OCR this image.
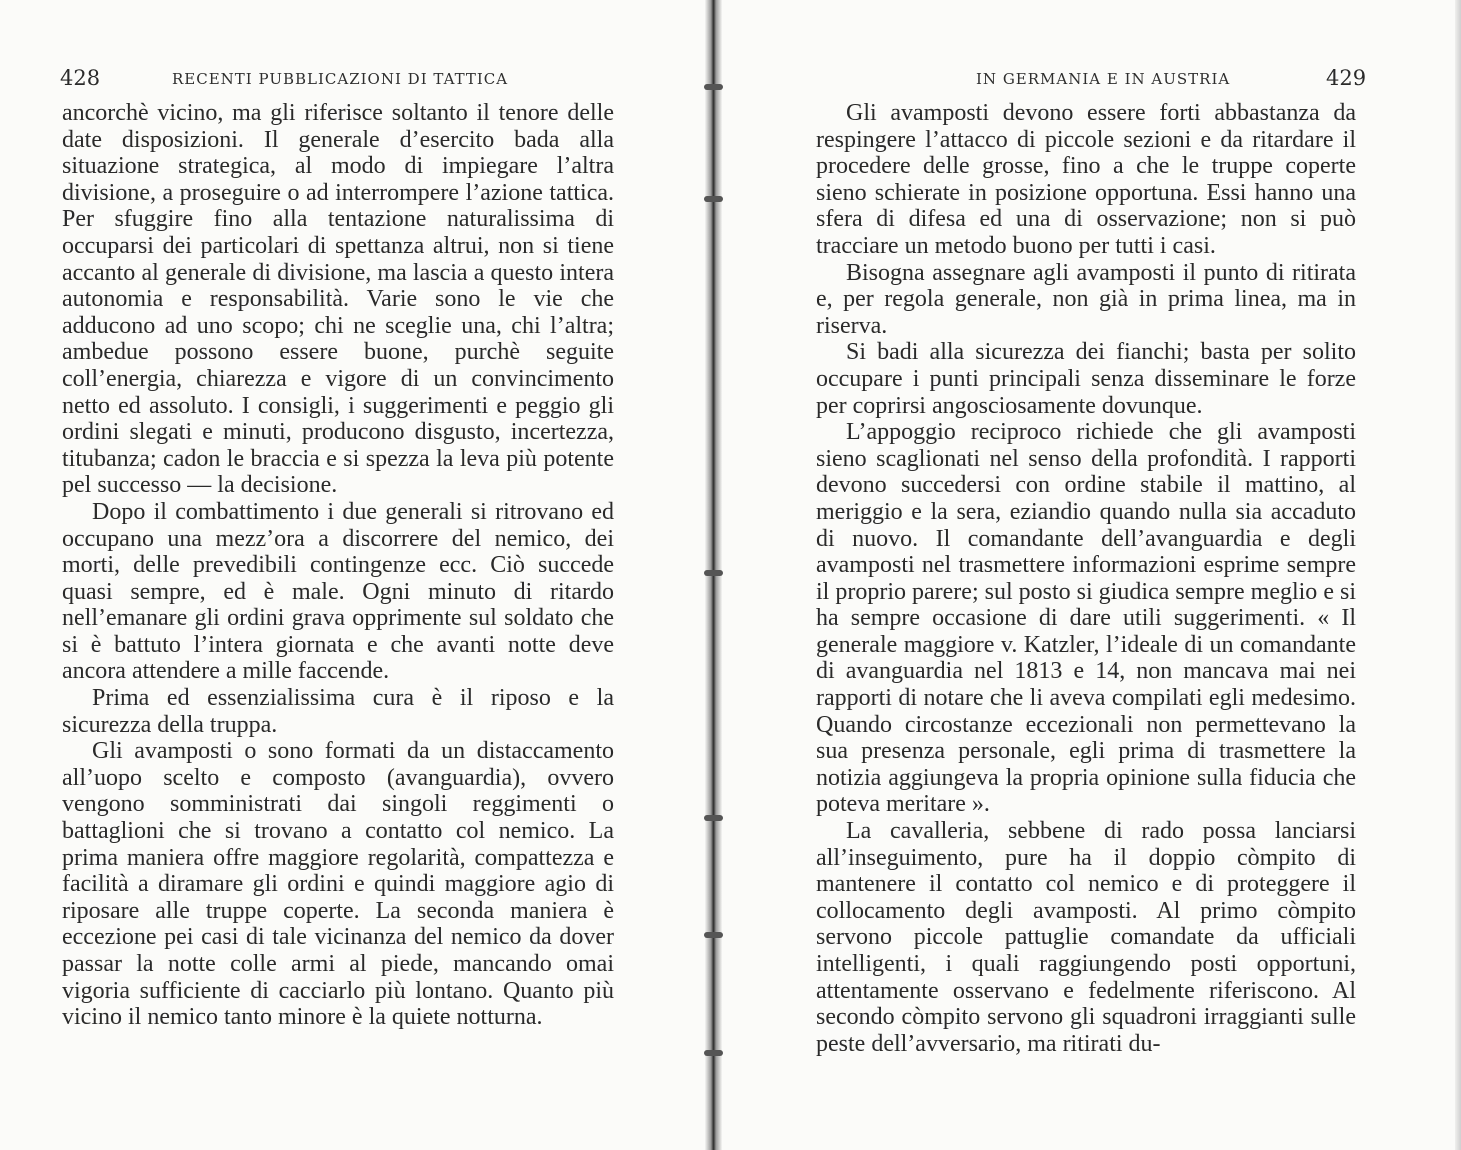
428	RECENTI PUBBLICAZIONI DI TATTICA

ancorchè vicino, ma gli riferisce soltanto il tenore delle date disposizioni. Il generale d’esercito bada alla situazione strategica, al modo di impiegare l’altra divisione, a proseguire o ad interrompere l’azione tattica. Per sfuggire fino alla tentazione naturalissima di occuparsi dei particolari di spettanza altrui, non si tiene accanto al generale di divisione, ma lascia a questo intera autonomia e responsabilità. Varie sono le vie che adducono ad uno scopo; chi ne sceglie una, chi l’altra; ambedue possono essere buone, purchè seguite coll’energia, chiarezza e vigore di un convincimento netto ed assoluto. I consigli, i suggerimenti e peggio gli ordini slegati e minuti, producono disgusto, incertezza, titubanza; cadon le braccia e si spezza la leva più potente pel successo — la decisione.

Dopo il combattimento i due generali si ritrovano ed occupano una mezz’ora a discorrere del nemico, dei morti, delle prevedibili contingenze ecc. Ciò succede quasi sempre, ed è male. Ogni minuto di ritardo nell’emanare gli ordini grava opprimente sul soldato che si è battuto l’intera giornata e che avanti notte deve ancora attendere a mille faccende.

Prima ed essenzialissima cura è il riposo e la sicurezza della truppa.

Gli avamposti o sono formati da un distaccamento all’uopo scelto e composto (avanguardia), ovvero vengono somministrati dai singoli reggimenti o battaglioni che si trovano a contatto col nemico. La prima maniera offre maggiore regolarità, compattezza e facilità a diramare gli ordini e quindi maggiore agio di riposare alle truppe coperte. La seconda maniera è eccezione pei casi di tale vicinanza del nemico da dover passar la notte colle armi al piede, mancando omai vigoria sufficiente di cacciarlo più lontano. Quanto più vicino il nemico tanto minore è la quiete notturna.

IN GERMANIA E IN AUSTRIA	429

Gli avamposti devono essere forti abbastanza da respingere l’attacco di piccole sezioni e da ritardare il procedere delle grosse, fino a che le truppe coperte sieno schierate in posizione opportuna. Essi hanno una sfera di difesa ed una di osservazione; non si può tracciare un metodo buono per tutti i casi.

Bisogna assegnare agli avamposti il punto di ritirata e, per regola generale, non già in prima linea, ma in riserva.

Si badi alla sicurezza dei fianchi; basta per solito occupare i punti principali senza disseminare le forze per coprirsi angosciosamente dovunque.

L’appoggio reciproco richiede che gli avamposti sieno scaglionati nel senso della profondità. I rapporti devono succedersi con ordine stabile il mattino, al meriggio e la sera, eziandio quando nulla sia accaduto di nuovo. Il comandante dell’avanguardia e degli avamposti nel trasmettere informazioni esprime sempre il proprio parere; sul posto si giudica sempre meglio e si ha sempre occasione di dare utili suggerimenti. « Il generale maggiore v. Katzler, l’ideale di un comandante di avanguardia nel 1813 e 14, non mancava mai nei rapporti di notare che li aveva compilati egli medesimo. Quando circostanze eccezionali non permettevano la sua presenza personale, egli prima di trasmettere la notizia aggiungeva la propria opinione sulla fiducia che poteva meritare ».

La cavalleria, sebbene di rado possa lanciarsi all’inseguimento, pure ha il doppio còmpito di mantenere il contatto col nemico e di proteggere il collocamento degli avamposti. Al primo còmpito servono piccole pattuglie comandate da ufficiali intelligenti, i quali raggiungendo posti opportuni, attentamente osservano e fedelmente riferiscono. Al secondo còmpito servono gli squadroni irraggianti sulle peste dell’avversario, ma ritirati du-
